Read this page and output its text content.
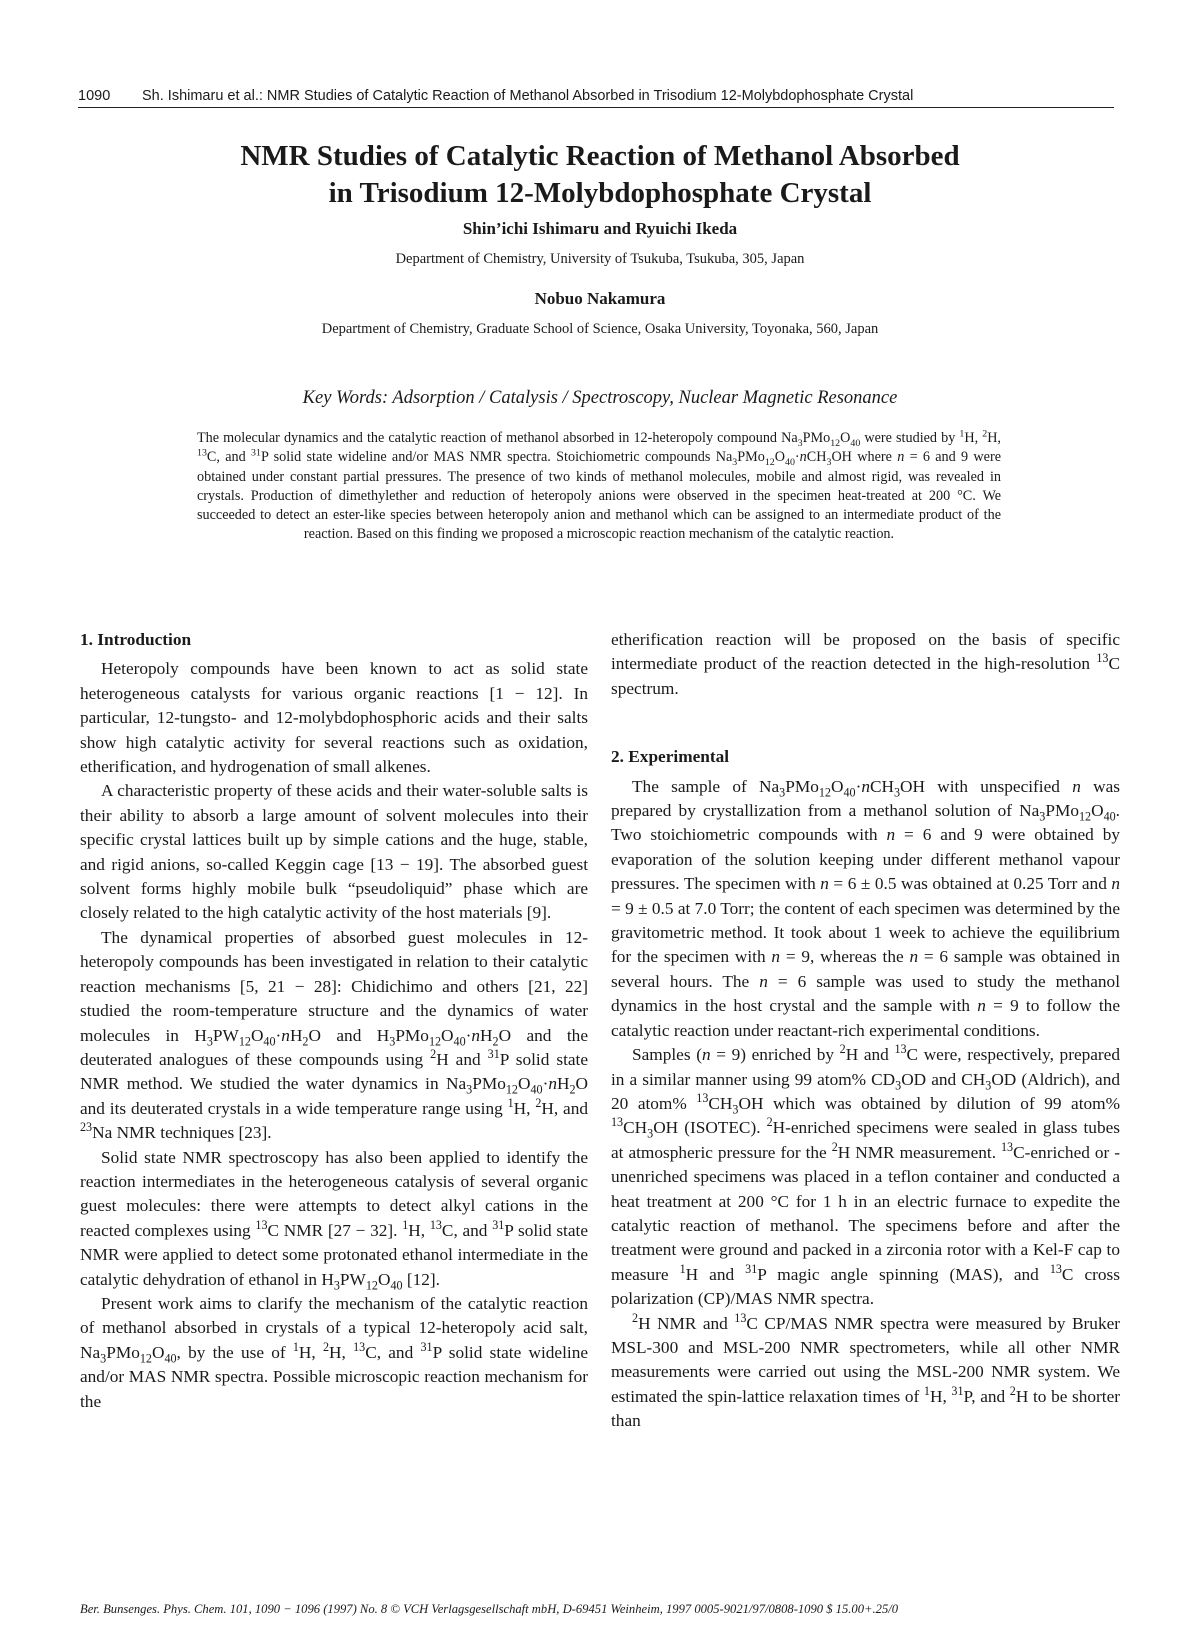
1090 Sh. Ishimaru et al.: NMR Studies of Catalytic Reaction of Methanol Absorbed in Trisodium 12-Molybdophosphate Crystal
NMR Studies of Catalytic Reaction of Methanol Absorbed
in Trisodium 12-Molybdophosphate Crystal
Shin’ichi Ishimaru and Ryuichi Ikeda
Department of Chemistry, University of Tsukuba, Tsukuba, 305, Japan
Nobuo Nakamura
Department of Chemistry, Graduate School of Science, Osaka University, Toyonaka, 560, Japan
Key Words: Adsorption / Catalysis / Spectroscopy, Nuclear Magnetic Resonance
The molecular dynamics and the catalytic reaction of methanol absorbed in 12-heteropoly compound $Na_3PMo_{12}O_{40}$ were studied by $^1$H, $^2$H, $^{13}$C, and $^{31}$P solid state wideline and/or MAS NMR spectra. Stoichiometric compounds $Na_3PMo_{12}O_{40}\cdot nCH_3OH$ where n = 6 and 9 were obtained under constant partial pressures. The presence of two kinds of methanol molecules, mobile and almost rigid, was revealed in crystals. Production of dimethylether and reduction of heteropoly anions were observed in the specimen heat-treated at 200 °C. We succeeded to detect an ester-like species between heteropoly anion and methanol which can be assigned to an intermediate product of the reaction. Based on this finding we proposed a microscopic reaction mechanism of the catalytic reaction.
1. Introduction

Heteropoly compounds have been known to act as solid state heterogeneous catalysts for various organic reactions [1 − 12]. In particular, 12-tungsto- and 12-molybdophosphoric acids and their salts show high catalytic activity for several reactions such as oxidation, etherification, and hydrogenation of small alkenes.

A characteristic property of these acids and their water-soluble salts is their ability to absorb a large amount of solvent molecules into their specific crystal lattices built up by simple cations and the huge, stable, and rigid anions, so-called Keggin cage [13 − 19]. The absorbed guest solvent forms highly mobile bulk “pseudoliquid” phase which are closely related to the high catalytic activity of the host materials [9].

The dynamical properties of absorbed guest molecules in 12-heteropoly compounds has been investigated in relation to their catalytic reaction mechanisms [5, 21 − 28]: Chidichimo and others [21, 22] studied the room-temperature structure and the dynamics of water molecules in $H_3PW_{12}O_{40}\cdot nH_2O$ and $H_3PMo_{12}O_{40}\cdot nH_2O$ and the deuterated analogues of these compounds using $^2$H and $^{31}$P solid state NMR method. We studied the water dynamics in $Na_3PMo_{12}O_{40}\cdot nH_2O$ and its deuterated crystals in a wide temperature range using $^1$H, $^2$H, and $^{23}$Na NMR techniques [23].

Solid state NMR spectroscopy has also been applied to identify the reaction intermediates in the heterogeneous catalysis of several organic guest molecules: there were attempts to detect alkyl cations in the reacted complexes using $^{13}$C NMR [27 − 32]. $^1$H, $^{13}$C, and $^{31}$P solid state NMR were applied to detect some protonated ethanol intermediate in the catalytic dehydration of ethanol in $H_3PW_{12}O_{40}$ [12].

Present work aims to clarify the mechanism of the catalytic reaction of methanol absorbed in crystals of a typical 12-heteropoly acid salt, $Na_3PMo_{12}O_{40}$, by the use of $^1$H, $^2$H, $^{13}$C, and $^{31}$P solid state wideline and/or MAS NMR spectra. Possible microscopic reaction mechanism for the

etherification reaction will be proposed on the basis of specific intermediate product of the reaction detected in the high-resolution $^{13}$C spectrum.

2. Experimental

The sample of $Na_3PMo_{12}O_{40}\cdot nCH_3OH$ with unspecified n was prepared by crystallization from a methanol solution of $Na_3PMo_{12}O_{40}$. Two stoichiometric compounds with n = 6 and 9 were obtained by evaporation of the solution keeping under different methanol vapour pressures. The specimen with n = 6 ± 0.5 was obtained at 0.25 Torr and n = 9 ± 0.5 at 7.0 Torr; the content of each specimen was determined by the gravitometric method. It took about 1 week to achieve the equilibrium for the specimen with n = 9, whereas the n = 6 sample was obtained in several hours. The n = 6 sample was used to study the methanol dynamics in the host crystal and the sample with n = 9 to follow the catalytic reaction under reactant-rich experimental conditions.

Samples (n = 9) enriched by $^2$H and $^{13}$C were, respectively, prepared in a similar manner using 99 atom% $CD_3OD$ and $CH_3OD$ (Aldrich), and 20 atom% $^{13}CH_3OH$ which was obtained by dilution of 99 atom% $^{13}CH_3OH$ (ISOTEC). $^2$H-enriched specimens were sealed in glass tubes at atmospheric pressure for the $^2$H NMR measurement. $^{13}$C-enriched or -unenriched specimens was placed in a teflon container and conducted a heat treatment at 200 °C for 1 h in an electric furnace to expedite the catalytic reaction of methanol. The specimens before and after the treatment were ground and packed in a zirconia rotor with a Kel-F cap to measure $^1$H and $^{31}$P magic angle spinning (MAS), and $^{13}$C cross polarization (CP)/MAS NMR spectra.

$^2$H NMR and $^{13}$C CP/MAS NMR spectra were measured by Bruker MSL-300 and MSL-200 NMR spectrometers, while all other NMR measurements were carried out using the MSL-200 NMR system. We estimated the spin-lattice relaxation times of $^1$H, $^{31}$P, and $^2$H to be shorter than

Ber. Bunsenges. Phys. Chem. 101, 1090 − 1096 (1997) No. 8 © VCH Verlagsgesellschaft mbH, D-69451 Weinheim, 1997 0005-9021/97/0808-1090 $ 15.00+.25/0
